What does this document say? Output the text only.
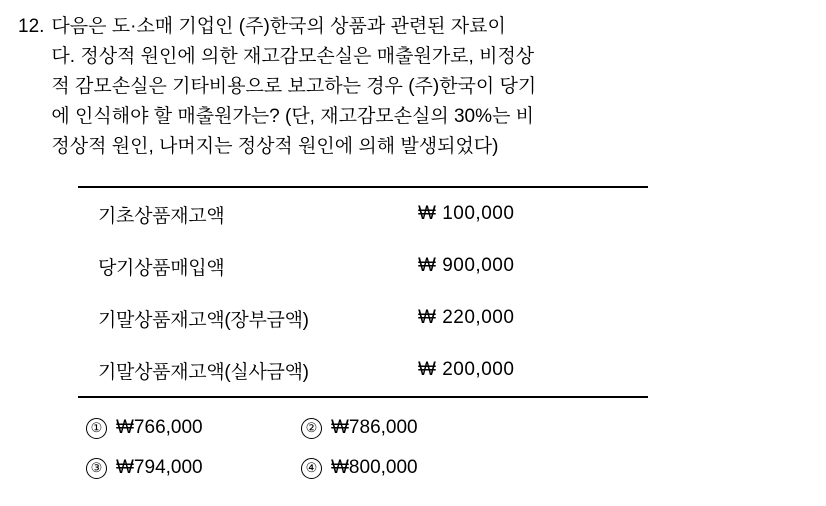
12. 다음은 도·소매 기업인 (주)한국의 상품과 관련된 자료이
다. 정상적 원인에 의한 재고감모손실은 매출원가로, 비정상
적 감모손실은 기타비용으로 보고하는 경우 (주)한국이 당기
에 인식해야 할 매출원가는? (단, 재고감모손실의 30%는 비
정상적 원인, 나머지는 정상적 원인에 의해 발생되었다)
기초상품재고액	₩ 100,000
당기상품매입액	₩ 900,000
기말상품재고액(장부금액)	₩ 220,000
기말상품재고액(실사금액)	₩ 200,000
① ₩766,000	② ₩786,000
③ ₩794,000	④ ₩800,000
